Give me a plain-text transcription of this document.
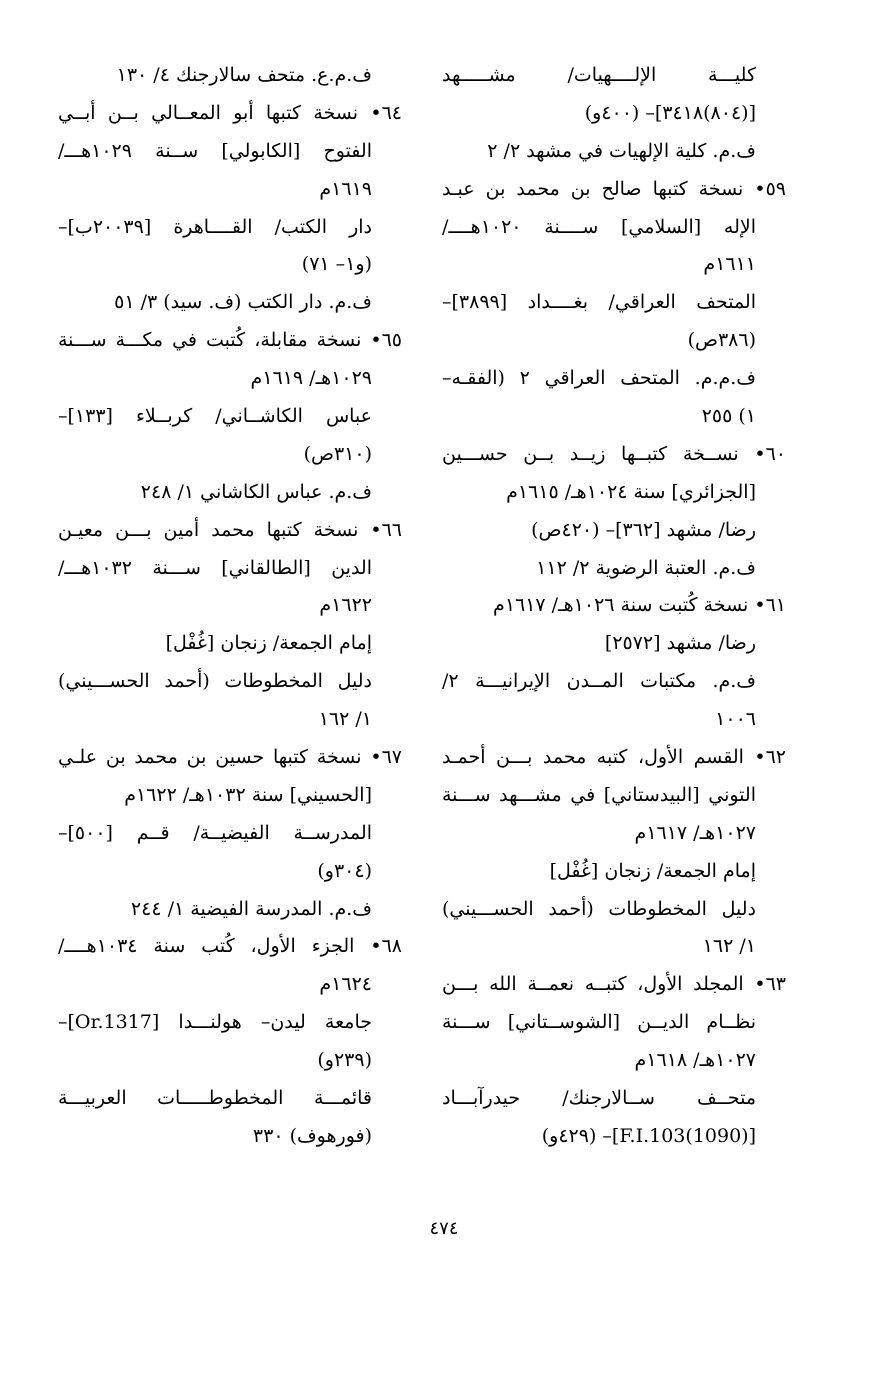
كليـــة الإلــــهيات/ مشـــــهد
[(٨٠٤)٣٤١٨]– (٤٠٠و)
ف.م. كلية الإلهيات في مشهد ٢/ ٢
٥٩• نسخة كتبها صالح بن محمد بن عبـد
الإله [السلامي] ســــنة ١٠٢٠هــــ/
١٦١١م
المتحف العراقي/ بغــــداد [٣٨٩٩]–
(٣٨٦ص)
ف.م.م. المتحف العراقي ٢ (الفقـه–
١) ٢٥٥
٦٠• نســخة كتبــها زيــد بــن حســـين
[الجزائري] سنة ١٠٢٤هـ/ ١٦١٥م
رضا/ مشهد [٣٦٢]– (٤٢٠ص)
ف.م. العتبة الرضوية ٢/ ١١٢
٦١• نسخة كُتبت سنة ١٠٢٦هـ/ ١٦١٧م
رضا/ مشهد [٢٥٧٢]
ف.م. مكتبات المــدن الإيرانيـــة ٢/
١٠٠٦
٦٢• القسم الأول، كتبه محمد بـــن أحمـد
التوني [البيدستاني] في مشـــهد ســـنة
١٠٢٧هـ/ ١٦١٧م
إمام الجمعة/ زنجان [غُفْل]
دليل المخطوطات (أحمد الحســـيني)
١/ ١٦٢
٦٣• المجلد الأول، كتبــه نعمــة الله بـــن
نظــام الديــن [الشوســتاني] ســـنة
١٠٢٧هـ/ ١٦١٨م
متحــف ســالارجنك/ حيدرآبـــاد
[(1090)F.I.103]– (٤٢٩و)
ف.م.ع. متحف سالارجنك ٤/ ١٣٠
٦٤• نسخة كتبها أبو المعــالي بــن أبــي
الفتوح [الكابولي] ســنة ١٠٢٩هـــ/
١٦١٩م
دار الكتب/ القــــاهرة [٢٠٠٣٩ب]–
(و١– ٧١)
ف.م. دار الكتب (ف. سيد) ٣/ ٥١
٦٥• نسخة مقابلة، كُتبت في مكـــة ســـنة
١٠٢٩هـ/ ١٦١٩م
عباس الكاشــاني/ كربــلاء [١٣٣]–
(٣١٠ص)
ف.م. عباس الكاشاني ١/ ٢٤٨
٦٦• نسخة كتبها محمد أمين بـــن معيـن
الدين [الطالقاني] ســـنة ١٠٣٢هـــ/
١٦٢٢م
إمام الجمعة/ زنجان [غُفْل]
دليل المخطوطات (أحمد الحســـيني)
١/ ١٦٢
٦٧• نسخة كتبها حسين بن محمد بن علـي
[الحسيني] سنة ١٠٣٢هـ/ ١٦٢٢م
المدرســة الفيضيــة/ قــم [٥٠٠]–
(٣٠٤و)
ف.م. المدرسة الفيضية ١/ ٢٤٤
٦٨• الجزء الأول، كُتب سنة ١٠٣٤هــــ/
١٦٢٤م
جامعة ليدن– هولنـــدا [Or.1317]–
(٢٣٩و)
قائمـــة المخطوطـــــات العربيـــة
(فورهوف) ٣٣٠
٤٧٤
